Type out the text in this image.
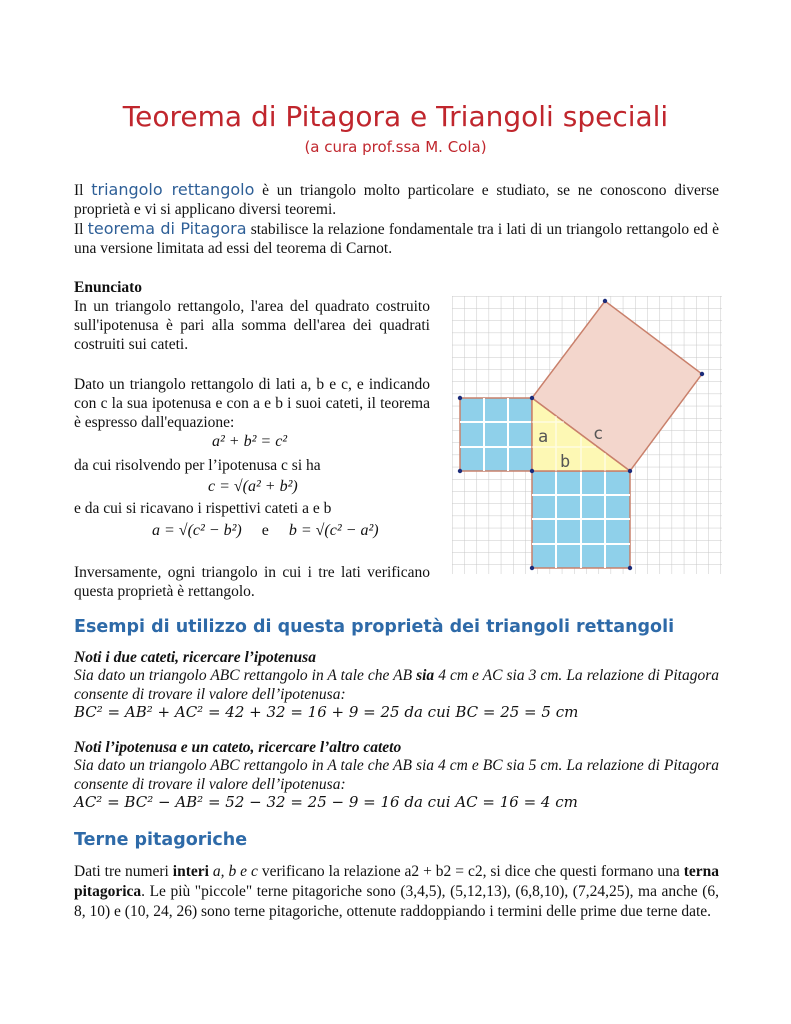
Teorema di Pitagora e Triangoli speciali
(a cura prof.ssa M. Cola)
Il triangolo rettangolo è un triangolo molto particolare e studiato, se ne conoscono diverse proprietà e vi si applicano diversi teoremi.
Il teorema di Pitagora stabilisce la relazione fondamentale tra i lati di un triangolo rettangolo ed è una versione limitata ad essi del teorema di Carnot.
Enunciato
In un triangolo rettangolo, l'area del quadrato costruito sull'ipotenusa è pari alla somma dell'area dei quadrati costruiti sui cateti.
Dato un triangolo rettangolo di lati a, b e c, e indicando con c la sua ipotenusa e con a e b i suoi cateti, il teorema è espresso dall'equazione:
a² + b² = c²
da cui risolvendo per l’ipotenusa c si ha
c = √(a² + b²)
e da cui si ricavano i rispettivi cateti a e b
a = √(c² − b²) e b = √(c² − a²)
Inversamente, ogni triangolo in cui i tre lati verificano questa proprietà è rettangolo.
a	c
b
Esempi di utilizzo di questa proprietà dei triangoli rettangoli
Noti i due cateti, ricercare l’ipotenusa
Sia dato un triangolo ABC rettangolo in A tale che AB sia 4 cm e AC sia 3 cm. La relazione di Pitagora consente di trovare il valore dell’ipotenusa:
BC² = AB² + AC² = 42 + 32 = 16 + 9 = 25 da cui BC = 25 = 5 cm
Noti l’ipotenusa e un cateto, ricercare l’altro cateto
Sia dato un triangolo ABC rettangolo in A tale che AB sia 4 cm e BC sia 5 cm. La relazione di Pitagora consente di trovare il valore dell’ipotenusa:
AC² = BC² − AB² = 52 − 32 = 25 − 9 = 16 da cui AC = 16 = 4 cm
Terne pitagoriche
Dati tre numeri interi a, b e c verificano la relazione a2 + b2 = c2, si dice che questi formano una terna pitagorica. Le più "piccole" terne pitagoriche sono (3,4,5), (5,12,13), (6,8,10), (7,24,25), ma anche (6, 8, 10) e (10, 24, 26) sono terne pitagoriche, ottenute raddoppiando i termini delle prime due terne date.
